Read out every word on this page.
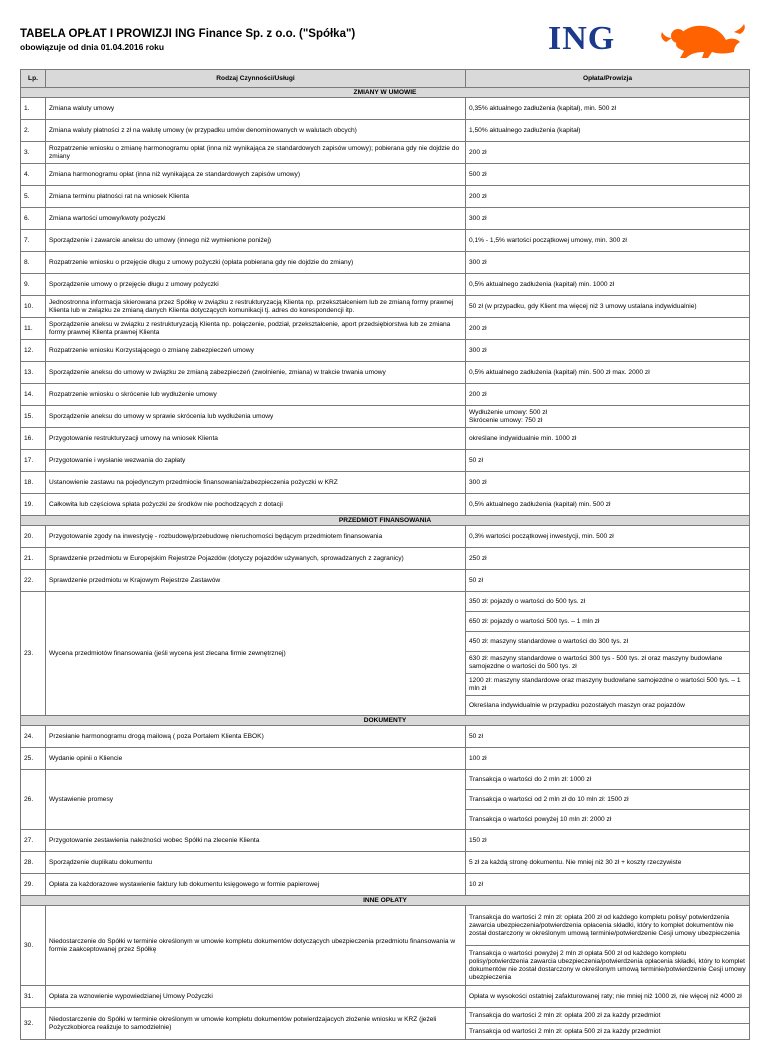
TABELA OPŁAT I PROWIZJI ING Finance Sp. z o.o. ("Spółka")
obowiązuje od dnia 01.04.2016 roku	ING
Lp.	Rodzaj Czynności/Usługi	Opłata/Prowizja
ZMIANY W UMOWIE		
1.	Zmiana waluty umowy	0,35% aktualnego zadłużenia (kapitał), min. 500 zł
2.	Zmiana waluty płatności z zł na walutę umowy (w przypadku umów denominowanych w walutach obcych)	1,50% aktualnego zadłużenia (kapitał)
3.	Rozpatrzenie wniosku o zmianę harmonogramu opłat (inna niż wynikająca ze standardowych zapisów umowy); pobierana gdy nie dojdzie do zmiany	200 zł
4.	Zmiana harmonogramu opłat (inna niż wynikająca ze standardowych zapisów umowy)	500 zł
5.	Zmiana terminu płatności rat na wniosek Klienta	200 zł
6.	Zmiana wartości umowy/kwoty pożyczki	300 zł
7.	Sporządzenie i zawarcie aneksu do umowy (innego niż wymienione poniżej)	0,1% - 1,5% wartości początkowej umowy, min. 300 zł
8.	Rozpatrzenie wniosku o przejęcie długu z umowy pożyczki (opłata pobierana gdy nie dojdzie do zmiany)	300 zł
9.	Sporządzenie umowy o przejęcie długu z umowy pożyczki	0,5% aktualnego zadłużenia (kapitał) min. 1000 zł
10.	Jednostronna informacja skierowana przez Spółkę w związku z restrukturyzacją Klienta np. przekształceniem lub ze zmianą formy prawnej Klienta lub w związku ze zmianą danych Klienta dotyczących komunikacji tj. adres do korespondencji itp.	50 zł (w przypadku, gdy Klient ma więcej niż 3 umowy ustalana indywidualnie)
11.	Sporządzenie aneksu w związku z restrukturyzacją Klienta np. połączenie, podział, przekształcenie, aport przedsiębiorstwa lub ze zmiana formy prawnej Klienta prawnej Klienta	200 zł
12.	Rozpatrzenie wniosku Korzystającego o zmianę zabezpieczeń umowy	300 zł
13.	Sporządzenie aneksu do umowy w związku ze zmianą zabezpieczeń (zwolnienie, zmiana) w trakcie trwania umowy	0,5% aktualnego zadłużenia (kapitał) min. 500 zł max. 2000 zł
14.	Rozpatrzenie wniosku o skrócenie lub wydłużenie umowy	200 zł
15.	Sporządzenie aneksu do umowy w sprawie skrócenia lub wydłużenia umowy	Wydłużenie umowy: 500 zł
Skrócenie umowy: 750 zł

16.	Przygotowanie restrukturyzacji umowy na wniosek Klienta	określane indywidualnie min. 1000 zł
17.	Przygotowanie i wysłanie wezwania do zapłaty	50 zł
18.	Ustanowienie zastawu na pojedynczym przedmiocie finansowania/zabezpieczenia pożyczki w KRZ	300 zł
19.	Całkowita lub częściowa spłata pożyczki ze środków nie pochodzących z dotacji	0,5% aktualnego zadłużenia (kapitał) min. 500 zł
PRZEDMIOT FINANSOWANIA		
20.	Przygotowanie zgody na inwestycję - rozbudowę/przebudowę nieruchomości będącym przedmiotem finansowania	0,3% wartości początkowej inwestycji, min. 500 zł
21.	Sprawdzenie przedmiotu w Europejskim Rejestrze Pojazdów (dotyczy pojazdów używanych, sprowadzanych z zagranicy)	250 zł
22.	Sprawdzenie przedmiotu w Krajowym Rejestrze Zastawów	50 zł
23.	Wycena przedmiotów finansowania (jeśli wycena jest zlecana firmie zewnętrznej)	350 zł: pojazdy o wartości do 500 tys. zł
		650 zł: pojazdy o wartości 500 tys. – 1 mln zł
		450 zł: maszyny standardowe o wartości do 300 tys. zł
		630 zł: maszyny standardowe o wartości 300 tys - 500 tys. zł oraz maszyny budowlane samojezdne o wartości do 500 tys. zł
		1200 zł: maszyny standardowe oraz maszyny budowlane samojezdne o wartości 500 tys. – 1 mln zł
		Określana indywidualnie w przypadku pozostałych maszyn oraz pojazdów
DOKUMENTY		
24.	Przesłanie harmonogramu drogą mailową ( poza Portalem Klienta EBOK)	50 zł
25.	Wydanie opinii o Kliencie	100 zł
26.	Wystawienie promesy	Transakcja o wartości do 2 mln zł: 1000 zł
		Transakcja o wartości od 2 mln zł do 10 mln zł: 1500 zł
		Transakcja o wartości powyżej 10 mln zł: 2000 zł
27.	Przygotowanie zestawienia należności wobec Spółki na zlecenie Klienta	150 zł
28.	Sporządzenie duplikatu dokumentu	5 zł za każdą stronę dokumentu. Nie mniej niż 30 zł + koszty rzeczywiste
29.	Opłata za każdorazowe wystawienie faktury lub dokumentu księgowego w formie papierowej	10 zł
INNE OPŁATY		
30.	Niedostarczenie do Spółki w terminie określonym w umowie kompletu dokumentów dotyczących ubezpieczenia przedmiotu finansowania w formie zaakceptowanej przez Spółkę	Transakcja do wartości 2 mln zł: opłata 200 zł od każdego kompletu polisy/ potwierdzenia zawarcia ubezpieczenia/potwierdzenia opłacenia składki, który to komplet dokumentów nie został dostarczony w określonym umową terminie/potwierdzenie Cesji umowy ubezpieczenia
		Transakcja o wartości powyżej 2 mln zł opłata 500 zł od każdego kompletu polisy/potwierdzenia zawarcia ubezpieczenia/potwierdzenia opłacenia składki, który to komplet dokumentów nie został dostarczony w określonym umową terminie/potwierdzenie Cesji umowy ubezpieczenia
31.	Opłata za wznowienie wypowiedzianej Umowy Pożyczki	Opłata w wysokości ostatniej zafakturowanej raty; nie mniej niż 1000 zł, nie więcej niż 4000 zł
32.	Niedostarczenie do Spółki w terminie określonym w umowie kompletu dokumentów potwierdzajacych złożenie wniosku w KRZ (jeżeli Pożyczkobiorca realizuje to samodzielnie)	Transakcja do wartości 2 mln zł: opłata 200 zł za każdy przedmiot
		Transakcja od wartości 2 mln zł: opłata 500 zł za każdy przedmiot
